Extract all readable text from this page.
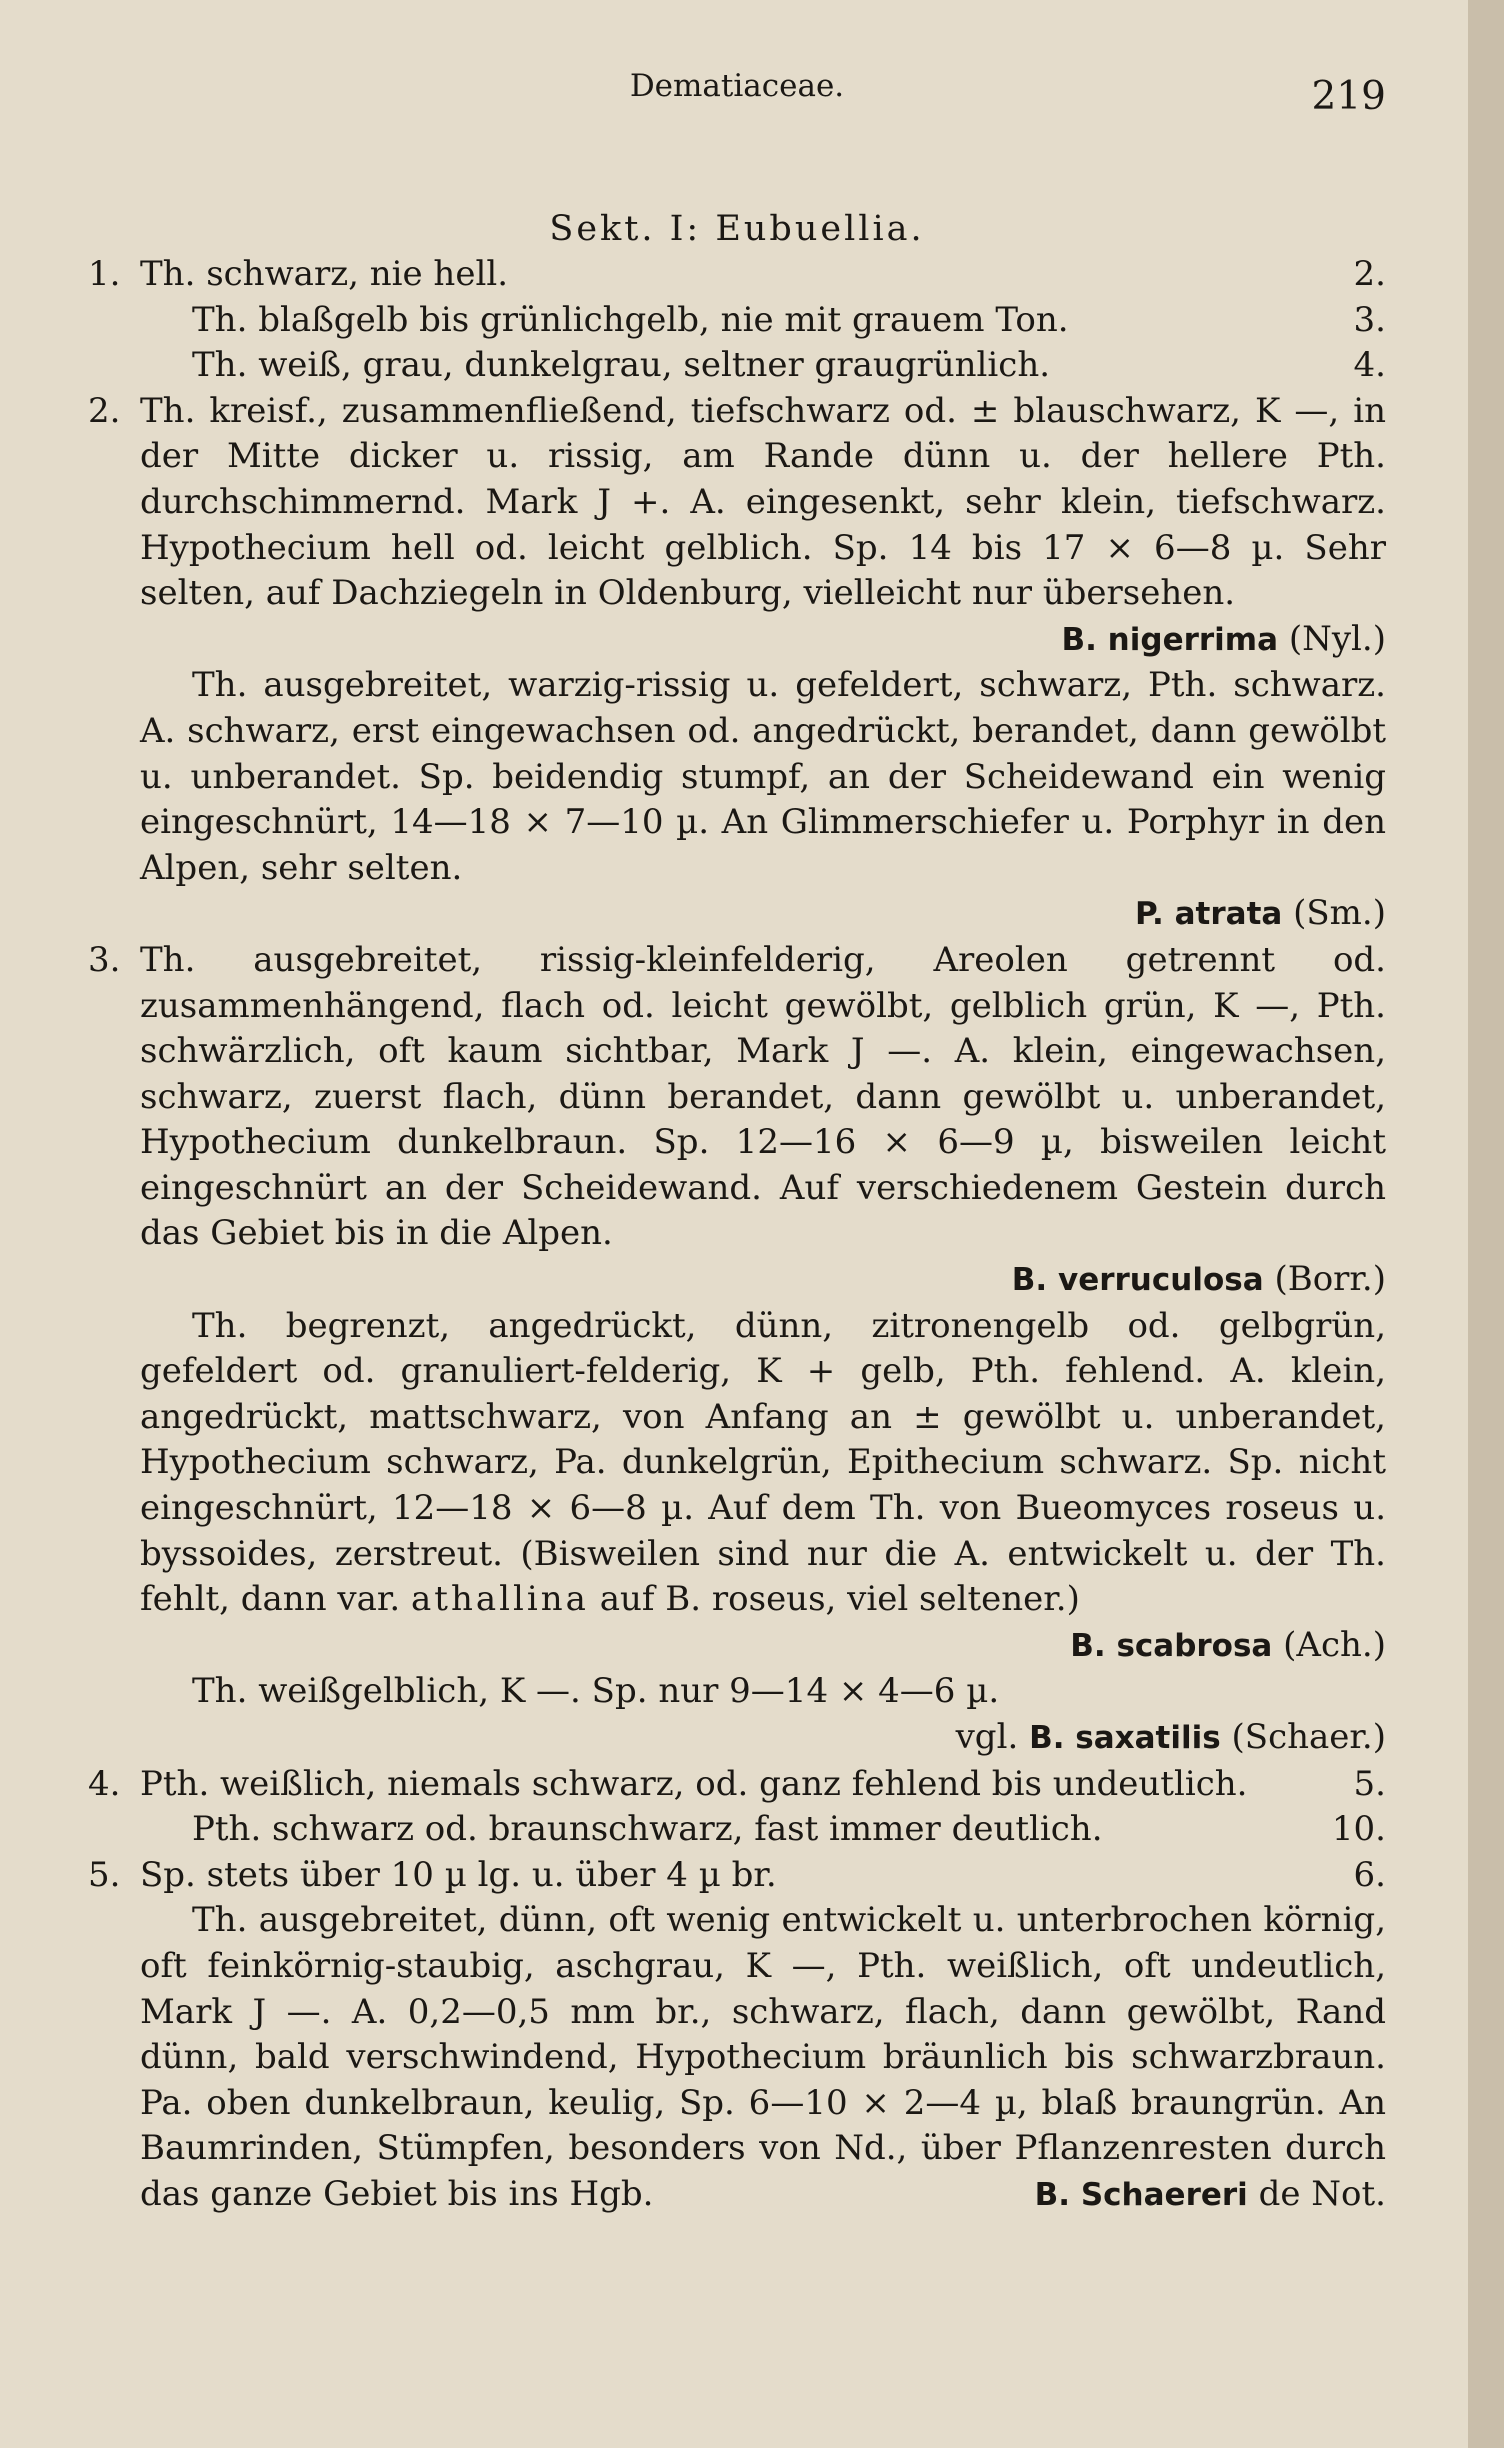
Dematiaceae.	219
Sekt. I: Eubuellia.
1. Th. schwarz, nie hell.	2.
Th. blaßgelb bis grünlichgelb, nie mit grauem Ton.	3.
Th. weiß, grau, dunkelgrau, seltner graugrünlich.	4.
2. Th. kreisf., zusammenfließend, tiefschwarz od. ± blauschwarz, K —, in der Mitte dicker u. rissig, am Rande dünn u. der hellere Pth. durchschimmernd. Mark J +. A. eingesenkt, sehr klein, tiefschwarz. Hypothecium hell od. leicht gelblich. Sp. 14 bis 17 × 6—8 µ. Sehr selten, auf Dachziegeln in Oldenburg, vielleicht nur übersehen.
B. nigerrima (Nyl.)
Th. ausgebreitet, warzig-rissig u. gefeldert, schwarz, Pth. schwarz. A. schwarz, erst eingewachsen od. angedrückt, berandet, dann gewölbt u. unberandet. Sp. beidendig stumpf, an der Scheidewand ein wenig eingeschnürt, 14—18 × 7—10 µ. An Glimmerschiefer u. Porphyr in den Alpen, sehr selten.
P. atrata (Sm.)
3. Th. ausgebreitet, rissig-kleinfelderig, Areolen getrennt od. zusammenhängend, flach od. leicht gewölbt, gelblich grün, K —, Pth. schwärzlich, oft kaum sichtbar, Mark J —. A. klein, eingewachsen, schwarz, zuerst flach, dünn berandet, dann gewölbt u. unberandet, Hypothecium dunkelbraun. Sp. 12—16 × 6—9 µ, bisweilen leicht eingeschnürt an der Scheidewand. Auf verschiedenem Gestein durch das Gebiet bis in die Alpen.
B. verruculosa (Borr.)
Th. begrenzt, angedrückt, dünn, zitronengelb od. gelbgrün, gefeldert od. granuliert-felderig, K + gelb, Pth. fehlend. A. klein, angedrückt, mattschwarz, von Anfang an ± gewölbt u. unberandet, Hypothecium schwarz, Pa. dunkelgrün, Epithecium schwarz. Sp. nicht eingeschnürt, 12—18 × 6—8 µ. Auf dem Th. von Bueomyces roseus u. byssoides, zerstreut. (Bisweilen sind nur die A. entwickelt u. der Th. fehlt, dann var. athallina auf B. roseus, viel seltener.)
B. scabrosa (Ach.)
Th. weißgelblich, K —. Sp. nur 9—14 × 4—6 µ.
vgl. B. saxatilis (Schaer.)
4. Pth. weißlich, niemals schwarz, od. ganz fehlend bis undeutlich.	5.
Pth. schwarz od. braunschwarz, fast immer deutlich.	10.
5. Sp. stets über 10 µ lg. u. über 4 µ br.	6.
Th. ausgebreitet, dünn, oft wenig entwickelt u. unterbrochen körnig, oft feinkörnig-staubig, aschgrau, K —, Pth. weißlich, oft undeutlich, Mark J —. A. 0,2—0,5 mm br., schwarz, flach, dann gewölbt, Rand dünn, bald verschwindend, Hypothecium bräunlich bis schwarzbraun. Pa. oben dunkelbraun, keulig, Sp. 6—10 × 2—4 µ, blaß braungrün. An Baumrinden, Stümpfen, besonders von Nd., über Pflanzenresten durch das ganze Gebiet bis ins Hgb.	B. Schaereri de Not.
